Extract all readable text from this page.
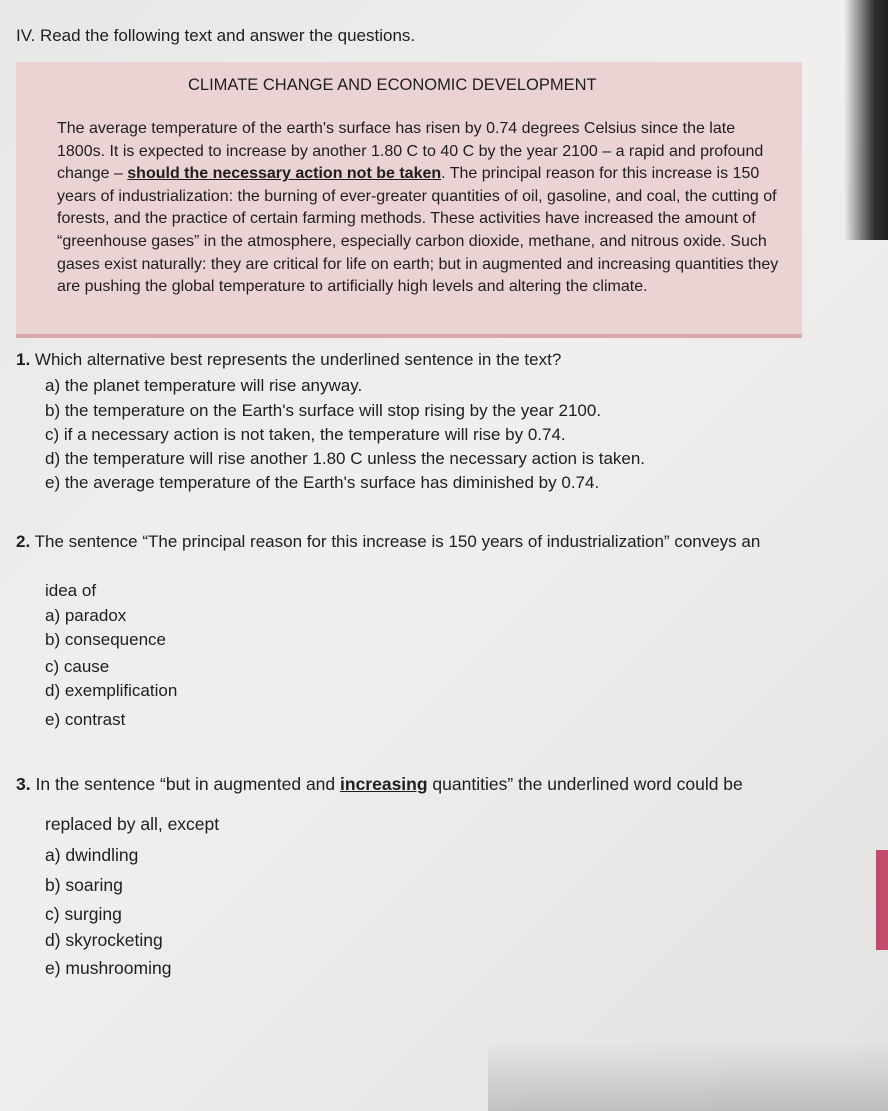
IV. Read the following text and answer the questions.
CLIMATE CHANGE AND ECONOMIC DEVELOPMENT
The average temperature of the earth's surface has risen by 0.74 degrees Celsius since the late 1800s. It is expected to increase by another 1.80 C to 40 C by the year 2100 – a rapid and profound change – should the necessary action not be taken. The principal reason for this increase is 150 years of industrialization: the burning of ever-greater quantities of oil, gasoline, and coal, the cutting of forests, and the practice of certain farming methods. These activities have increased the amount of “greenhouse gases” in the atmosphere, especially carbon dioxide, methane, and nitrous oxide. Such gases exist naturally: they are critical for life on earth; but in augmented and increasing quantities they are pushing the global temperature to artificially high levels and altering the climate.
1. Which alternative best represents the underlined sentence in the text?
a) the planet temperature will rise anyway.
b) the temperature on the Earth's surface will stop rising by the year 2100.
c) if a necessary action is not taken, the temperature will rise by 0.74.
d) the temperature will rise another 1.80 C unless the necessary action is taken.
e) the average temperature of the Earth's surface has diminished by 0.74.
2. The sentence “The principal reason for this increase is 150 years of industrialization” conveys an
idea of
a) paradox
b) consequence
c) cause
d) exemplification
e) contrast
3. In the sentence “but in augmented and increasing quantities” the underlined word could be
replaced by all, except
a) dwindling
b) soaring
c) surging
d) skyrocketing
e) mushrooming
